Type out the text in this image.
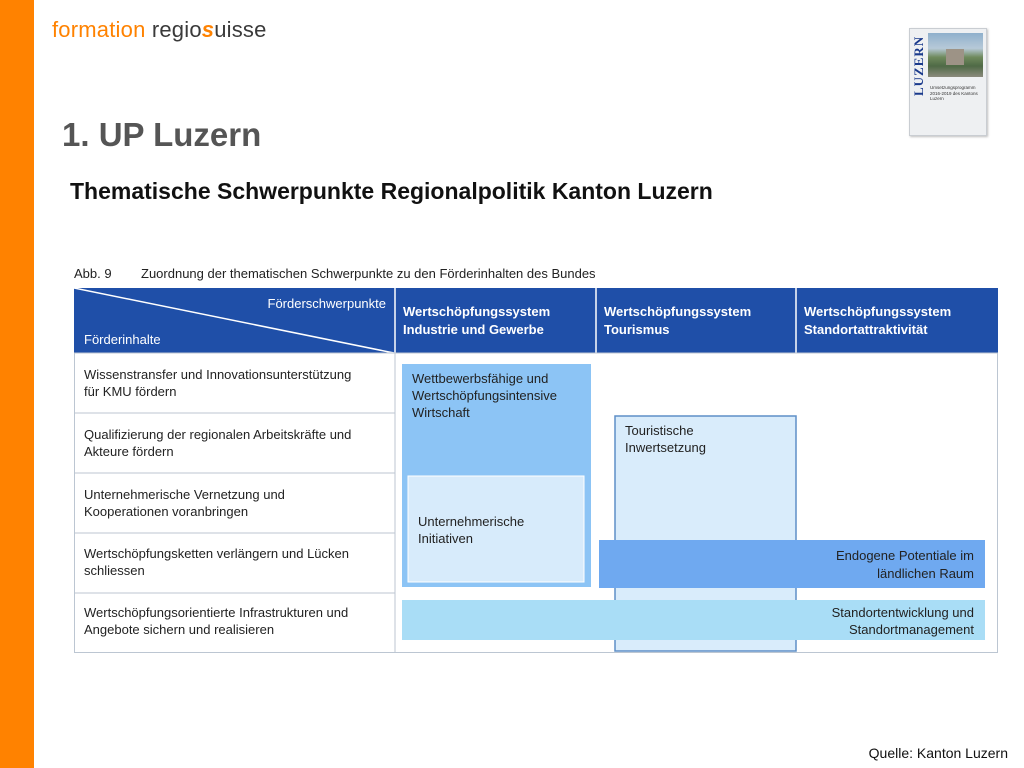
formation regiosuisse
LUZERN Umsetzungsprogramm
2016-2019 des Kantons Luzern
1. UP Luzern
Thematische Schwerpunkte Regionalpolitik Kanton Luzern
Abb. 9 Zuordnung der thematischen Schwerpunkte zu den Förderinhalten des Bundes
Förderschwerpunkte
Förderinhalte
Wertschöpfungssystem
Industrie und Gewerbe
Wertschöpfungssystem
Tourismus
Wertschöpfungssystem
Standortattraktivität
Wissenstransfer und Innovationsunterstützung
für KMU fördern
Qualifizierung der regionalen Arbeitskräfte und
Akteure fördern
Unternehmerische Vernetzung und
Kooperationen voranbringen
Wertschöpfungsketten verlängern und Lücken
schliessen
Wertschöpfungsorientierte Infrastrukturen und
Angebote sichern und realisieren
Wettbewerbsfähige und
Wertschöpfungsintensive
Wirtschaft
Unternehmerische
Initiativen
Touristische
Inwertsetzung
Endogene Potentiale im
ländlichen Raum
Standortentwicklung und
Standortmanagement
Quelle: Kanton Luzern
